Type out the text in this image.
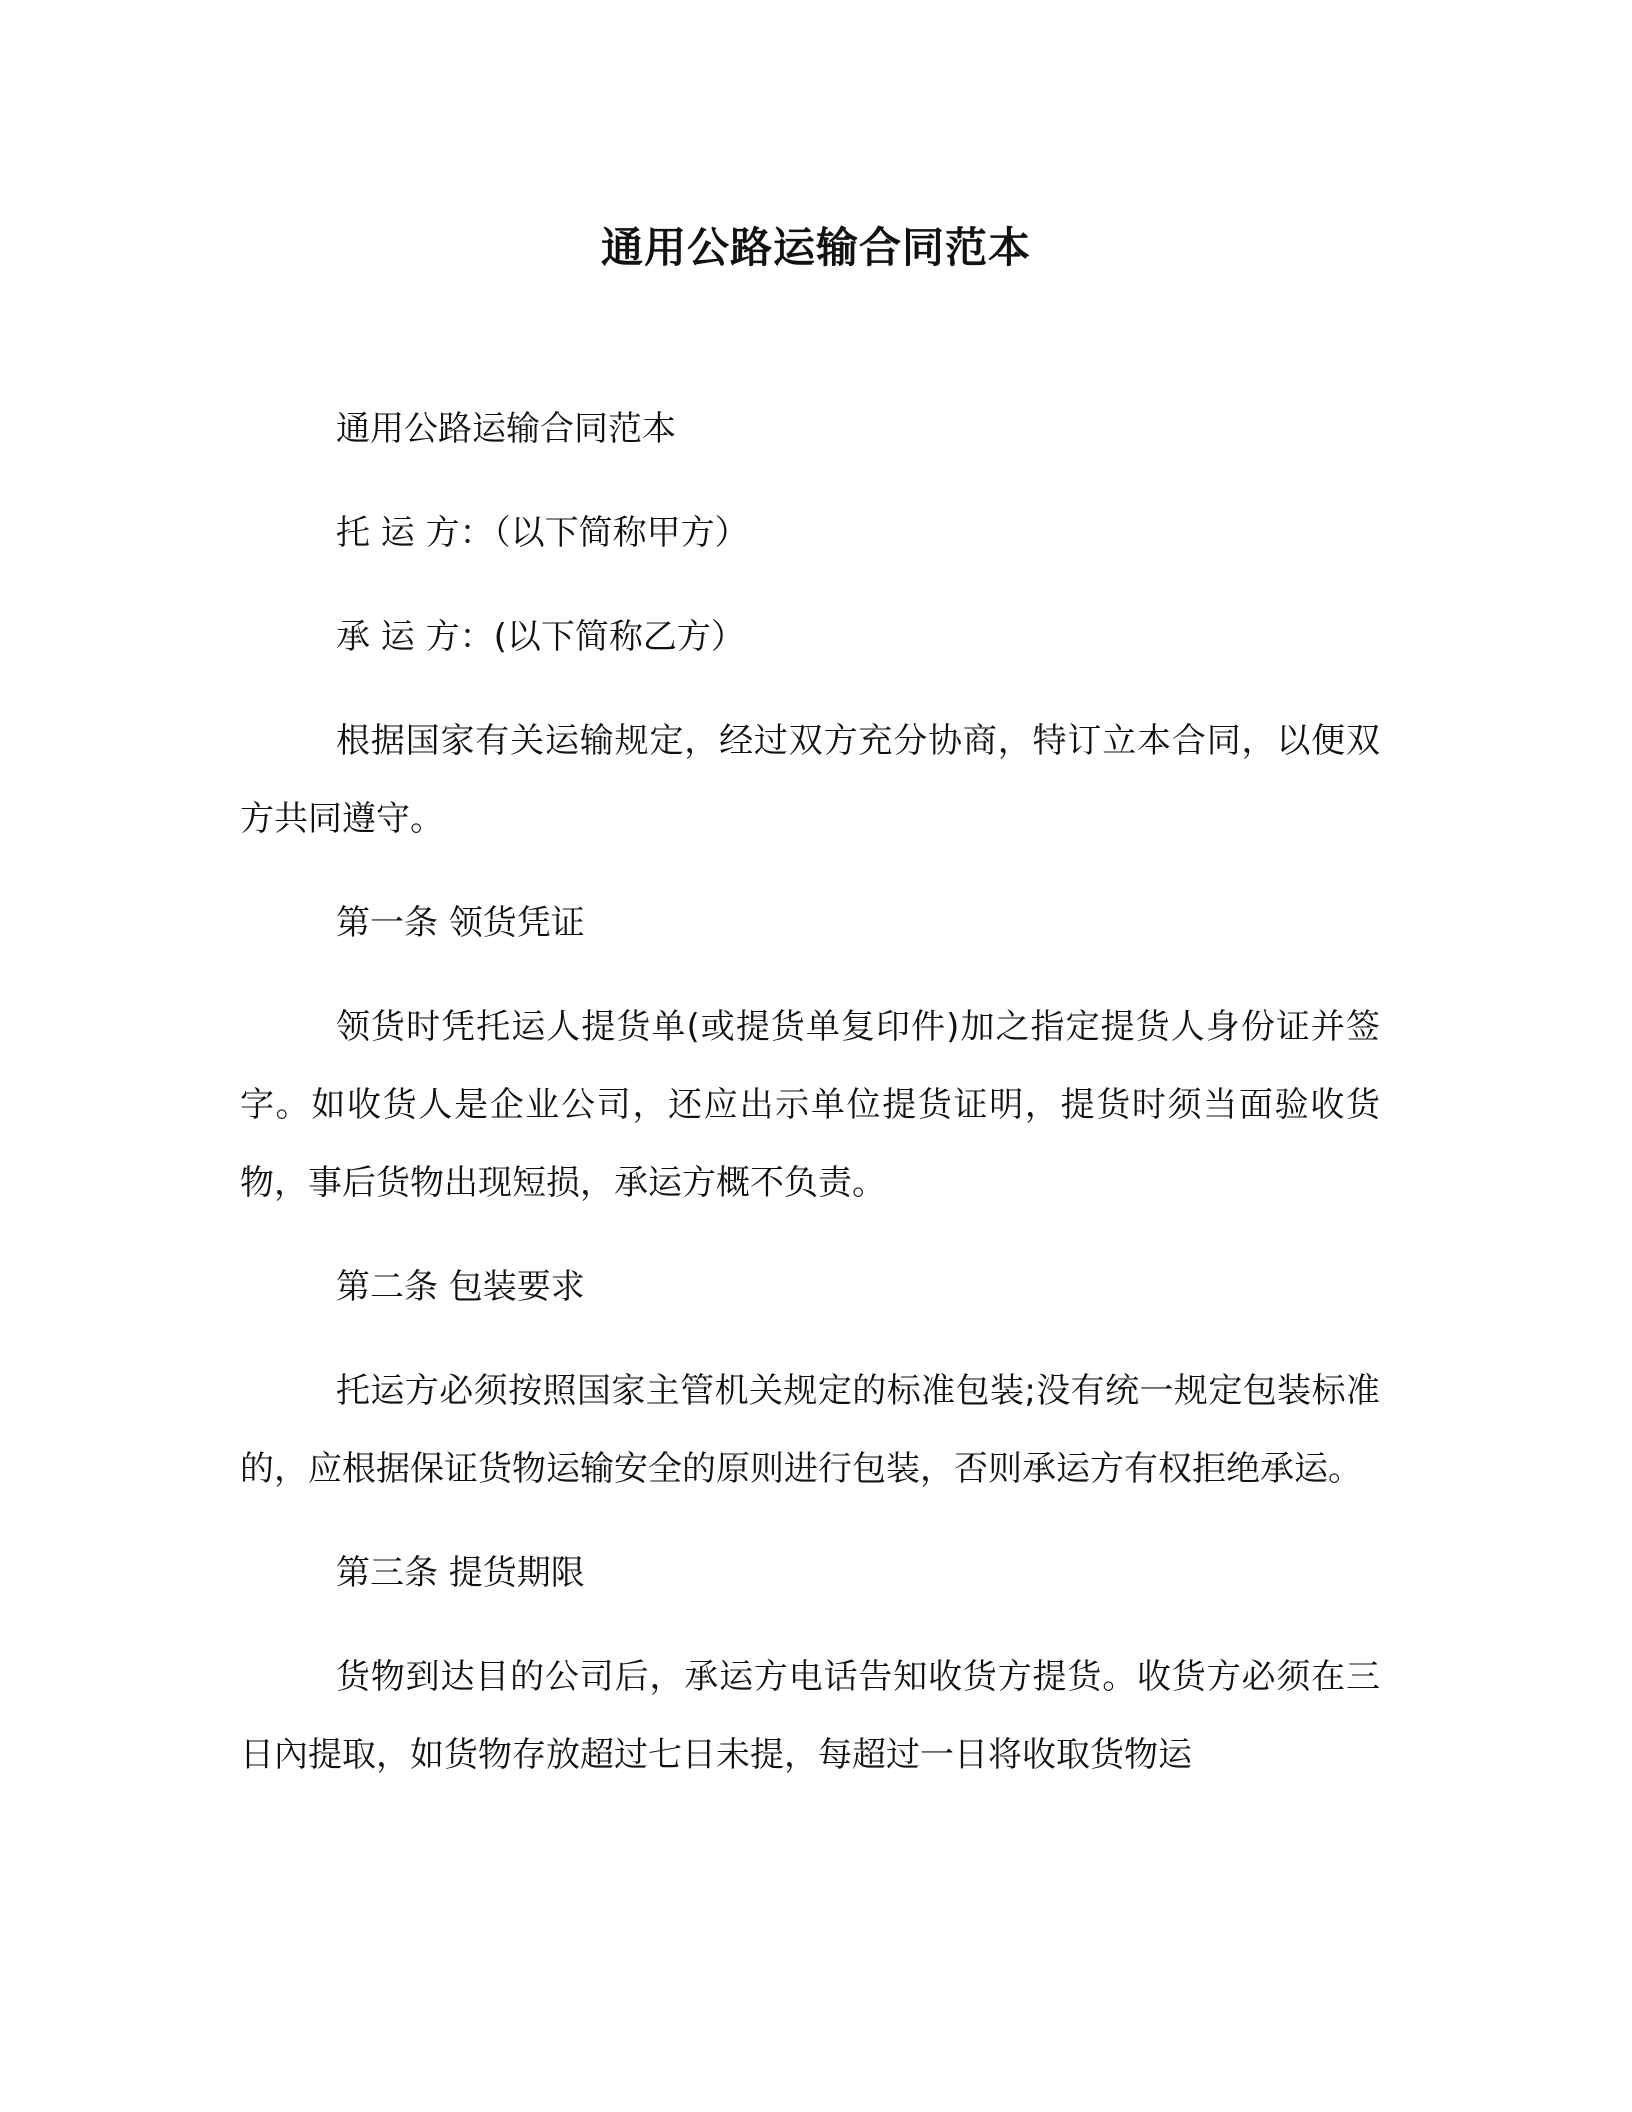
通用公路运输合同范本

通用公路运输合同范本

托 运 方：（以下简称甲方）

承 运 方：(以下简称乙方）

根据国家有关运输规定，经过双方充分协商，特订立本合同，以便双方共同遵守。

第一条 领货凭证

领货时凭托运人提货单(或提货单复印件)加之指定提货人身份证并签字。如收货人是企业公司，还应出示单位提货证明，提货时须当面验收货物，事后货物出现短损，承运方概不负责。

第二条 包装要求

托运方必须按照国家主管机关规定的标准包装;没有统一规定包装标准的，应根据保证货物运输安全的原则进行包装，否则承运方有权拒绝承运。

第三条 提货期限

货物到达目的公司后，承运方电话告知收货方提货。收货方必须在三日內提取，如货物存放超过七日未提，每超过一日将收取货物运
